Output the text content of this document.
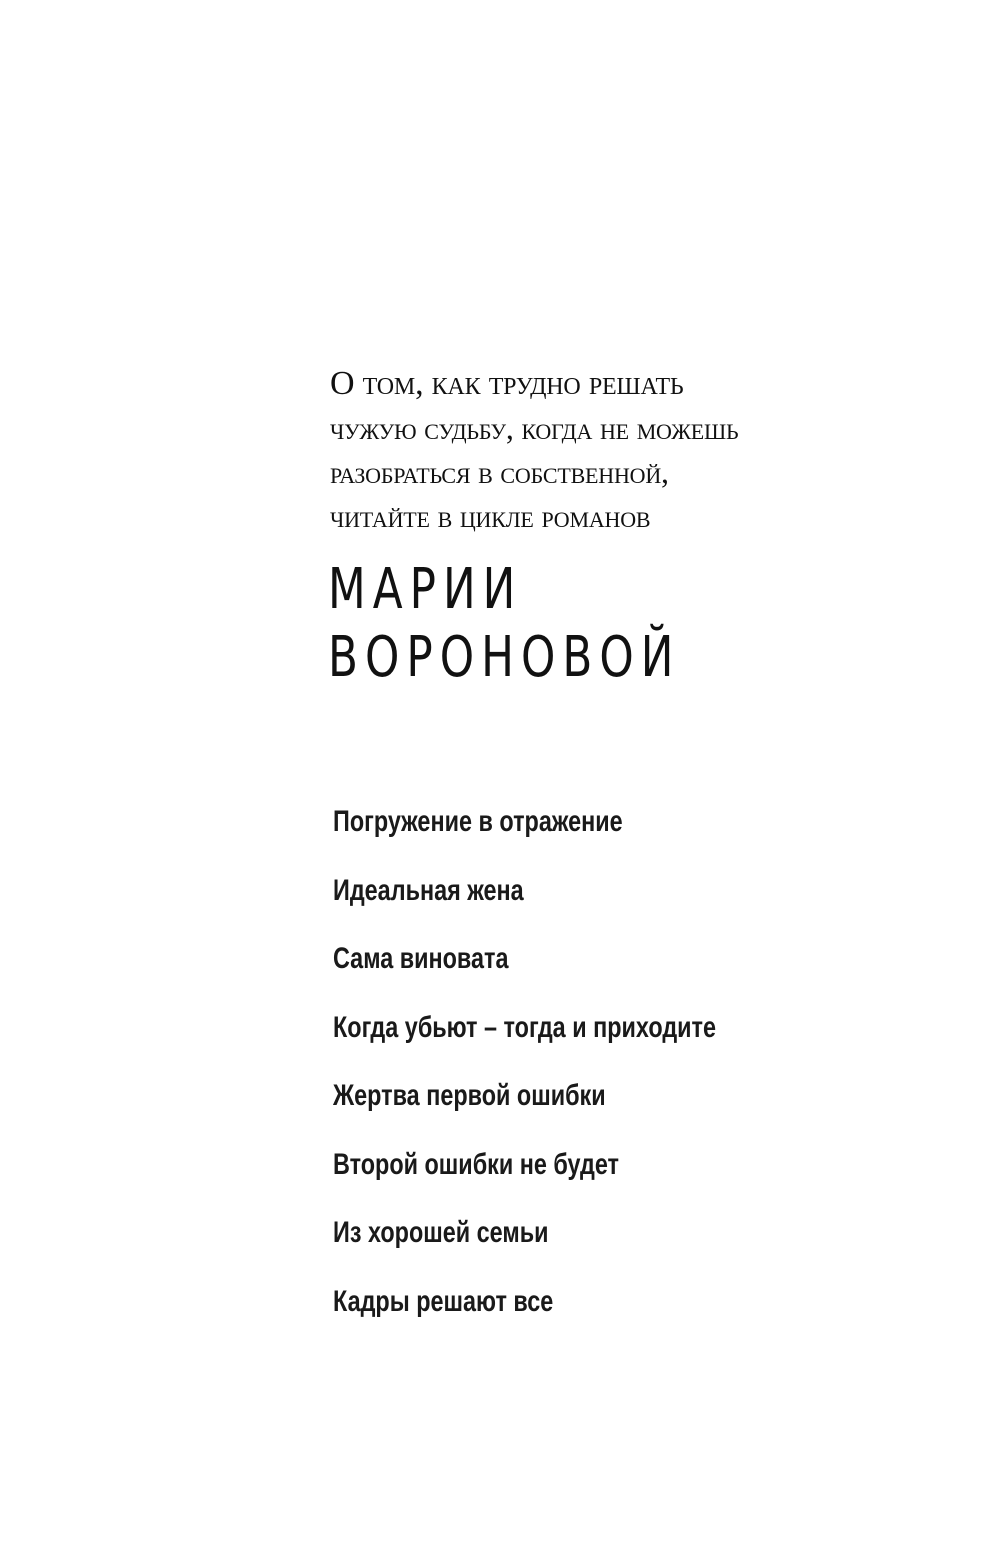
О том, как трудно решать
чужую судьбу, когда не можешь
разобраться в собственной,
читайте в цикле романов

МАРИИ
ВОРОНОВОЙ
Погружение в отражение
Идеальная жена
Сама виновата
Когда убьют – тогда и приходите
Жертва первой ошибки
Второй ошибки не будет
Из хорошей семьи
Кадры решают все
